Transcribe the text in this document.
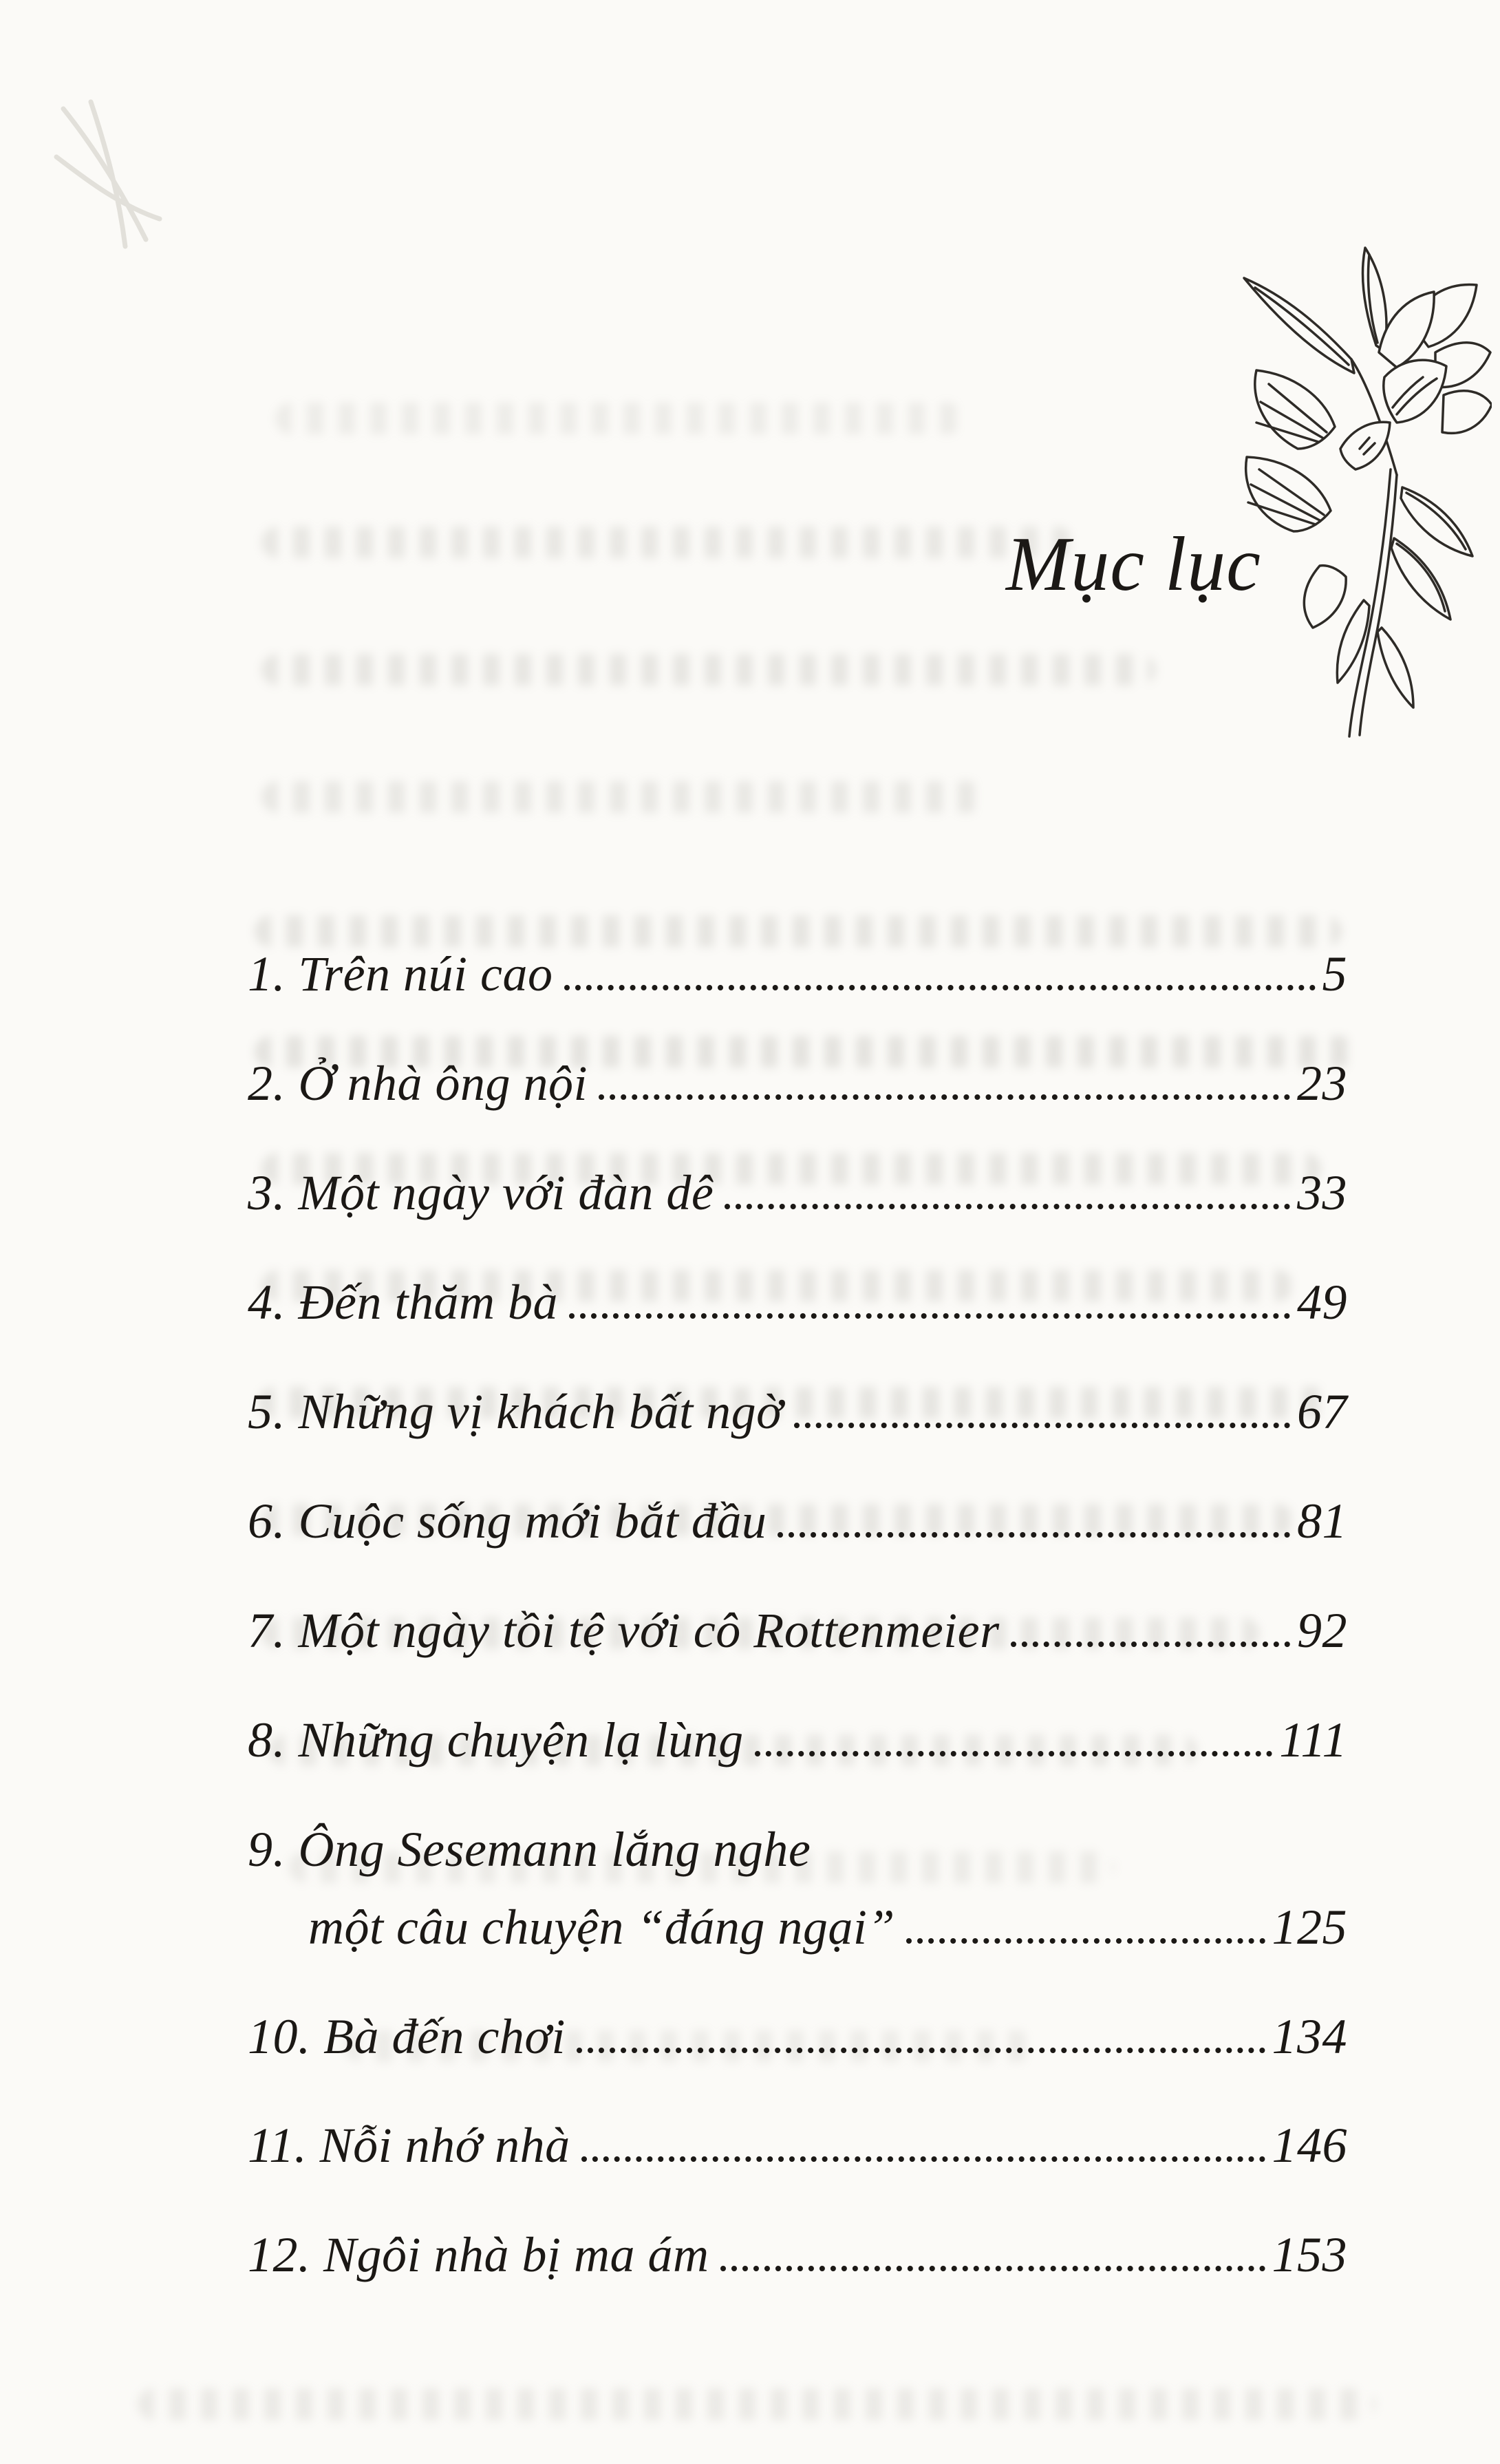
Mục lục
1. Trên núi cao	5
2. Ở nhà ông nội	23
3. Một ngày với đàn dê	33
4. Đến thăm bà	49
5. Những vị khách bất ngờ	67
6. Cuộc sống mới bắt đầu	81
7. Một ngày tồi tệ với cô Rottenmeier	92
8. Những chuyện lạ lùng	111
9. Ông Sesemann lắng nghe
một câu chuyện “đáng ngại”	125
10. Bà đến chơi	134
11. Nỗi nhớ nhà	146
12. Ngôi nhà bị ma ám	153
